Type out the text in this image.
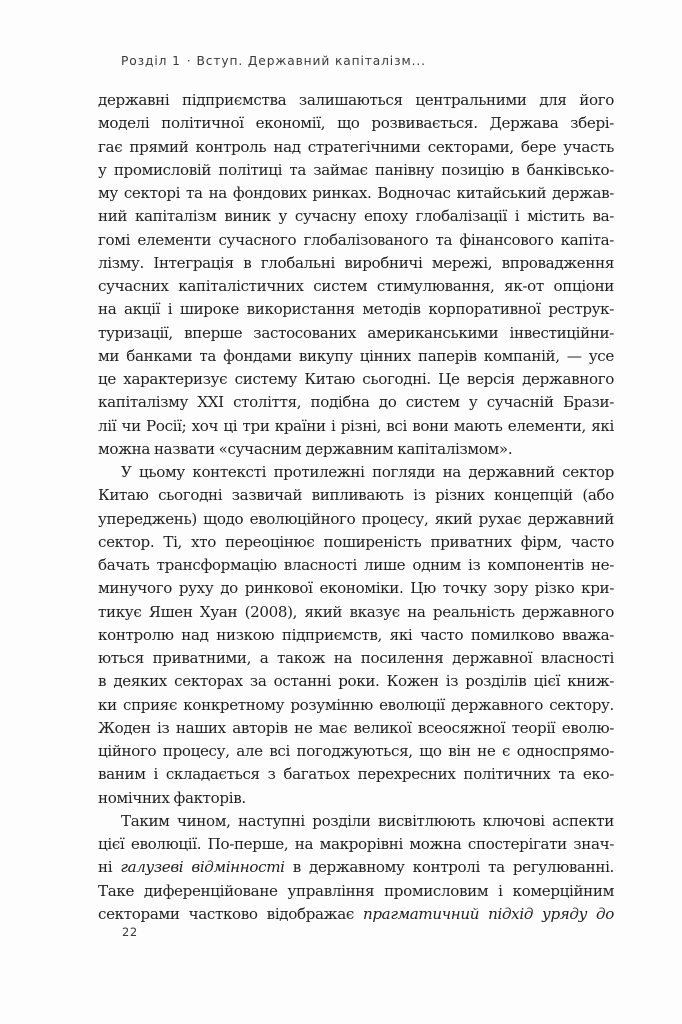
Розділ 1 · Вступ. Державний капіталізм...
державні підприємства залишаються центральними для його
моделі політичної економії, що розвивається. Держава збері-
гає прямий контроль над стратегічними секторами, бере участь
у промисловій політиці та займає панівну позицію в банківсько-
му секторі та на фондових ринках. Водночас китайський держав-
ний капіталізм виник у сучасну епоху глобалізації і містить ва-
гомі елементи сучасного глобалізованого та фінансового капіта-
лізму. Інтеграція в глобальні виробничі мережі, впровадження
сучасних капіталістичних систем стимулювання, як-от опціони
на акції і широке використання методів корпоративної реструк-
туризації, вперше застосованих американськими інвестиційни-
ми банками та фондами викупу цінних паперів компаній, — усе
це характеризує систему Китаю сьогодні. Це версія державного
капіталізму XXI століття, подібна до систем у сучасній Брази-
лії чи Росії; хоч ці три країни і різні, всі вони мають елементи, які
можна назвати «сучасним державним капіталізмом».
У цьому контексті протилежні погляди на державний сектор
Китаю сьогодні зазвичай випливають із різних концепцій (або
упереджень) щодо еволюційного процесу, який рухає державний
сектор. Ті, хто переоцінює поширеність приватних фірм, часто
бачать трансформацію власності лише одним із компонентів не-
минучого руху до ринкової економіки. Цю точку зору різко кри-
тикує Яшен Хуан (2008), який вказує на реальність державного
контролю над низкою підприємств, які часто помилково вважа-
ються приватними, а також на посилення державної власності
в деяких секторах за останні роки. Кожен із розділів цієї книж-
ки сприяє конкретному розумінню еволюції державного сектору.
Жоден із наших авторів не має великої всеосяжної теорії еволю-
ційного процесу, але всі погоджуються, що він не є односпрямо-
ваним і складається з багатьох перехресних політичних та еко-
номічних факторів.
Таким чином, наступні розділи висвітлюють ключові аспекти
цієї еволюції. По-перше, на макрорівні можна спостерігати знач-
ні галузеві відмінності в державному контролі та регулюванні.
Таке диференційоване управління промисловим і комерційним
секторами частково відображає прагматичний підхід уряду до
22
